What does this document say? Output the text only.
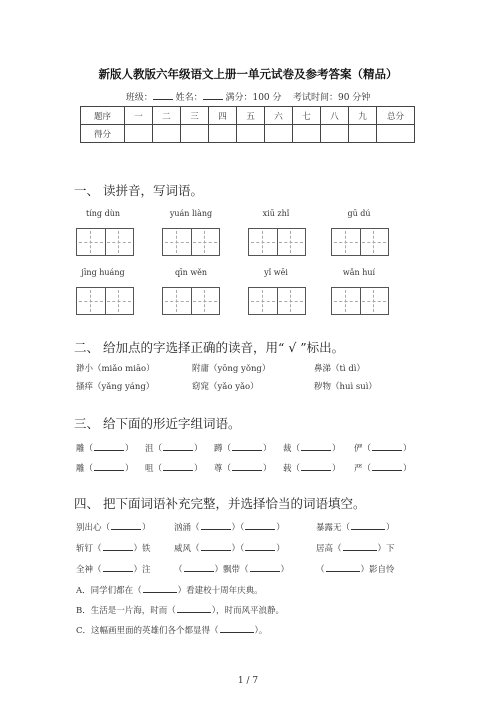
新版人教版六年级语文上册一单元试卷及参考答案（精品）
班级：	姓名：	满分：100 分 考试时间：90 分钟
题序	一	二	三	四	五	六	七	八	九	总分
得分										
一、 读拼音，写词语。
tíng dùn	yuán liàng	xiū zhǐ	gū dú
jīng huáng	qīn wěn	yǐ wēi	wǎn huí
二、 给加点的字选择正确的读音，用“ √ ”标出。
渺小（miǎo miāo）	附庸（yōng yǒng）	鼻涕（tì dì）
搔痒（yǎng yáng）	窈窕（yǎo yǎo）	秽物（huì suì）
三、 给下面的形近字组词语。
雕（	） 沮（	） 蹲（	） 裁（	） 俨（	）
雕（	） 咀（	） 尊（	） 载（	） 严（	）
四、 把下面词语补充完整，并选择恰当的词语填空。
别出心（	）	汹涌（	）（	）	暴露无（	）
斩钉（	）铁	威风（	）（	）	居高（	）下
全神（	）注	（	）飘带（	）	（	）影自怜
A．同学们都在（	）看建校十周年庆典。
B．生活是一片海，时而（	），时而风平浪静。
C．这幅画里面的英雄们各个都显得（	）。
1 / 7
